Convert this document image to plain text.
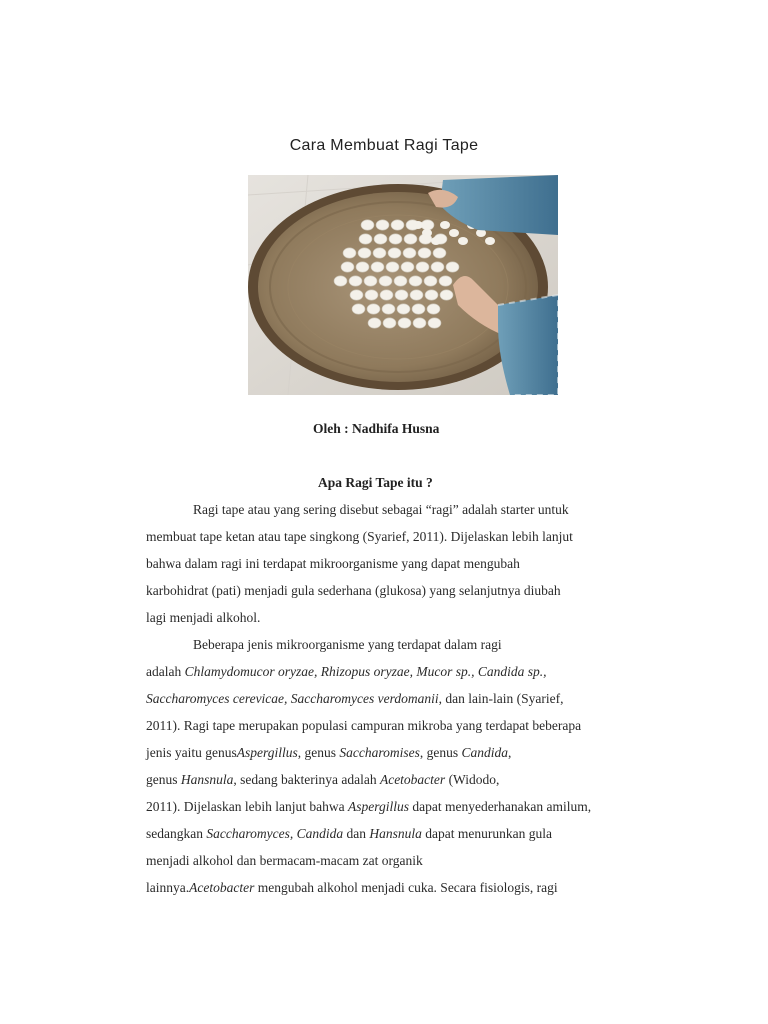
Cara Membuat Ragi Tape
Oleh : Nadhifa Husna
Apa Ragi Tape itu ?
Ragi tape atau yang sering disebut sebagai “ragi” adalah starter untuk
membuat tape ketan atau tape singkong (Syarief, 2011). Dijelaskan lebih lanjut
bahwa dalam ragi ini terdapat mikroorganisme yang dapat mengubah
karbohidrat (pati) menjadi gula sederhana (glukosa) yang selanjutnya diubah
lagi menjadi alkohol.
Beberapa jenis mikroorganisme yang terdapat dalam ragi
adalah Chlamydomucor oryzae, Rhizopus oryzae, Mucor sp., Candida sp.,
Saccharomyces cerevicae, Saccharomyces verdomanii, dan lain-lain (Syarief,
2011). Ragi tape merupakan populasi campuran mikroba yang terdapat beberapa
jenis yaitu genusAspergillus, genus Saccharomises, genus Candida,
genus Hansnula, sedang bakterinya adalah Acetobacter (Widodo,
2011). Dijelaskan lebih lanjut bahwa Aspergillus dapat menyederhanakan amilum,
sedangkan Saccharomyces, Candida dan Hansnula dapat menurunkan gula
menjadi alkohol dan bermacam-macam zat organik
lainnya.Acetobacter mengubah alkohol menjadi cuka. Secara fisiologis, ragi
